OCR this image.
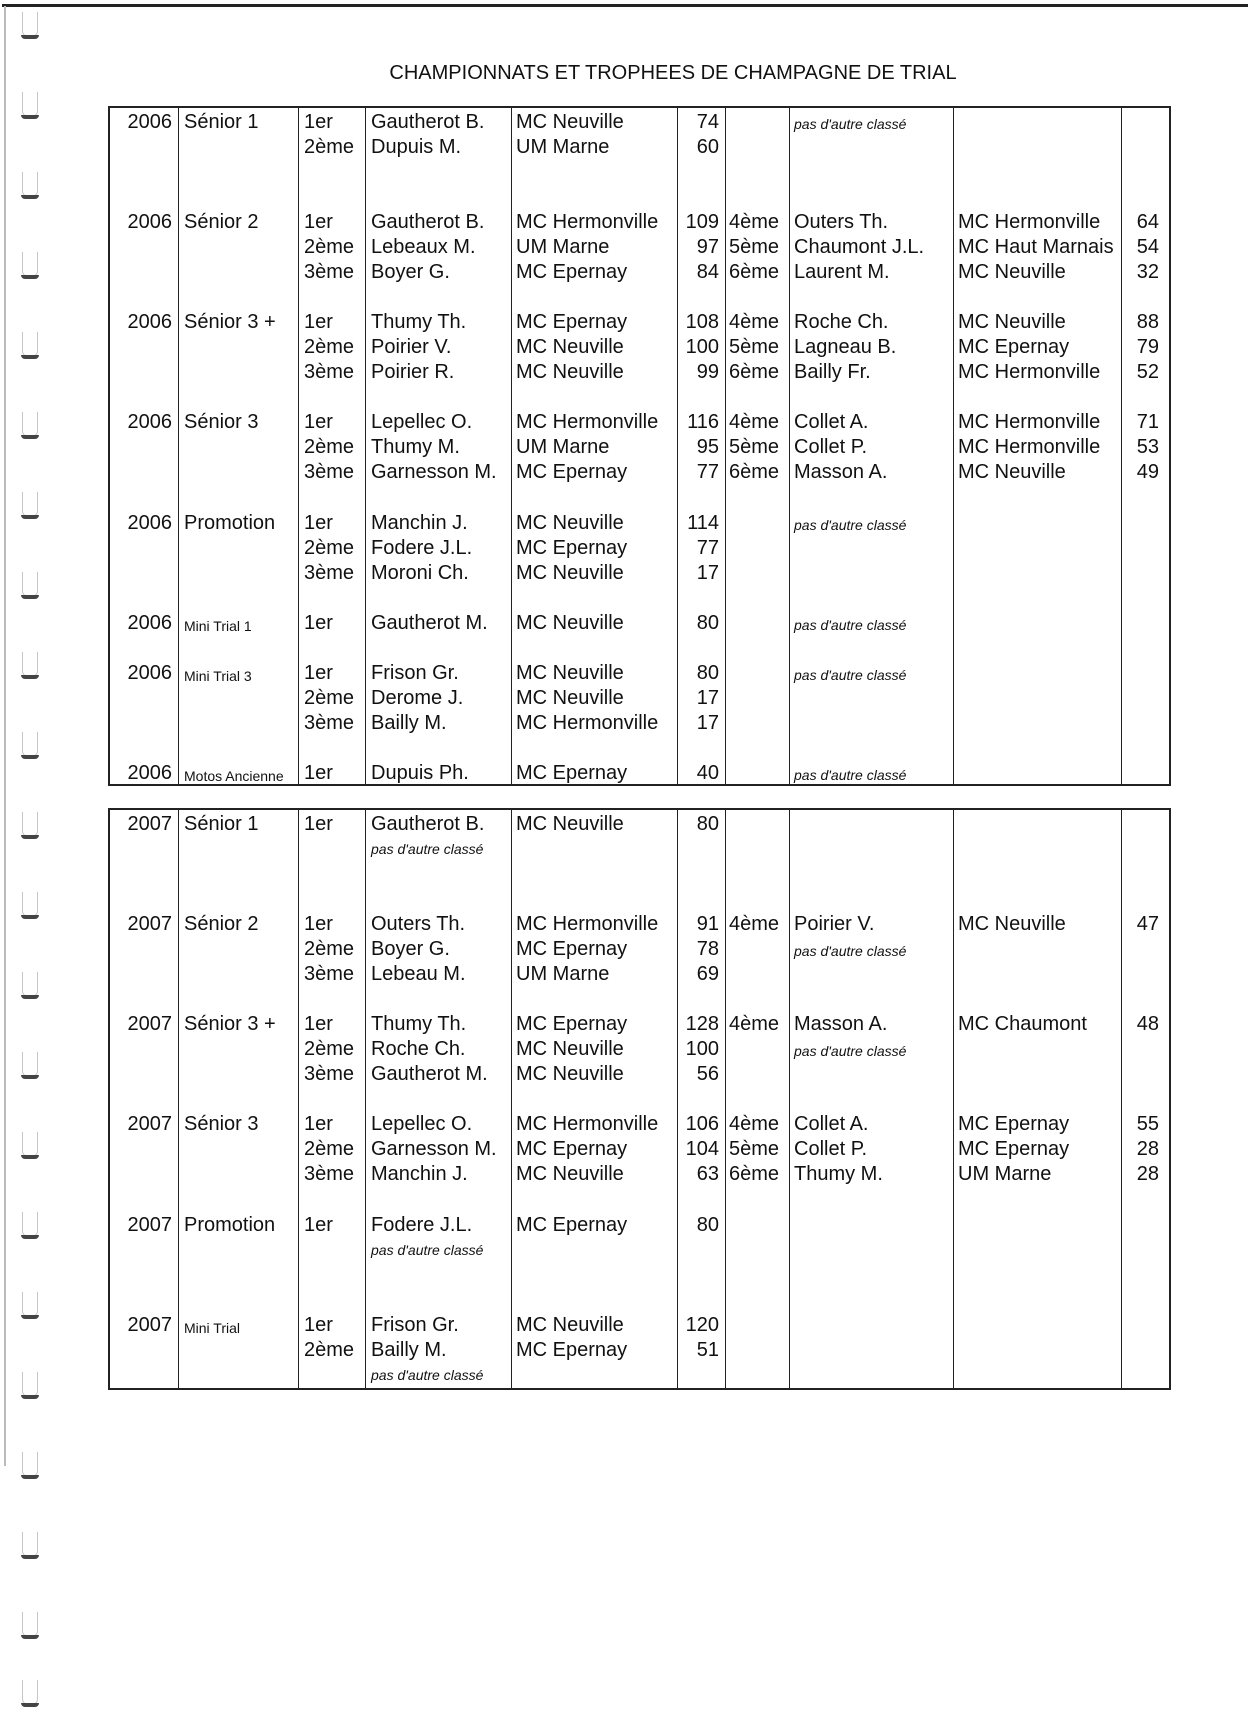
CHAMPIONNATS ET TROPHEES DE CHAMPAGNE DE TRIAL
2006
2006
2006
2006
2006
2006
2006
2006
Sénior 1
Sénior 2
Sénior 3 +
Sénior 3
Promotion
Mini Trial 1
Mini Trial 3
Motos Ancienne
1er
2ème
1er
2ème
3ème
1er
2ème
3ème
1er
2ème
3ème
1er
2ème
3ème
1er
1er
2ème
3ème
1er
Gautherot B.
Dupuis M.
Gautherot B.
Lebeaux M.
Boyer G.
Thumy Th.
Poirier V.
Poirier R.
Lepellec O.
Thumy M.
Garnesson M.
Manchin J.
Fodere J.L.
Moroni Ch.
Gautherot M.
Frison Gr.
Derome J.
Bailly M.
Dupuis Ph.
MC Neuville
UM Marne
MC Hermonville
UM Marne
MC Epernay
MC Epernay
MC Neuville
MC Neuville
MC Hermonville
UM Marne
MC Epernay
MC Neuville
MC Epernay
MC Neuville
MC Neuville
MC Neuville
MC Neuville
MC Hermonville
MC Epernay
74
60
109
97
84
108
100
99
116
95
77
114
77
17
80
80
17
17
40
4ème
5ème
6ème
4ème
5ème
6ème
4ème
5ème
6ème
pas d'autre classé
Outers Th.
Chaumont J.L.
Laurent M.
Roche Ch.
Lagneau B.
Bailly Fr.
Collet A.
Collet P.
Masson A.
pas d'autre classé
pas d'autre classé
pas d'autre classé
pas d'autre classé
MC Hermonville
MC Haut Marnais
MC Neuville
MC Neuville
MC Epernay
MC Hermonville
MC Hermonville
MC Hermonville
MC Neuville
64
54
32
88
79
52
71
53
49
2007
2007
2007
2007
2007
2007
Sénior 1
Sénior 2
Sénior 3 +
Sénior 3
Promotion
Mini Trial
1er
1er
2ème
3ème
1er
2ème
3ème
1er
2ème
3ème
1er
1er
2ème
Gautherot B.
pas d'autre classé
Outers Th.
Boyer G.
Lebeau M.
Thumy Th.
Roche Ch.
Gautherot M.
Lepellec O.
Garnesson M.
Manchin J.
Fodere J.L.
pas d'autre classé
Frison Gr.
Bailly M.
pas d'autre classé
MC Neuville
MC Hermonville
MC Epernay
UM Marne
MC Epernay
MC Neuville
MC Neuville
MC Hermonville
MC Epernay
MC Neuville
MC Epernay
MC Neuville
MC Epernay
80
91
78
69
128
100
56
106
104
63
80
120
51
4ème
4ème
4ème
5ème
6ème
Poirier V.
pas d'autre classé
Masson A.
pas d'autre classé
Collet A.
Collet P.
Thumy M.
MC Neuville
MC Chaumont
MC Epernay
MC Epernay
UM Marne
47
48
55
28
28
